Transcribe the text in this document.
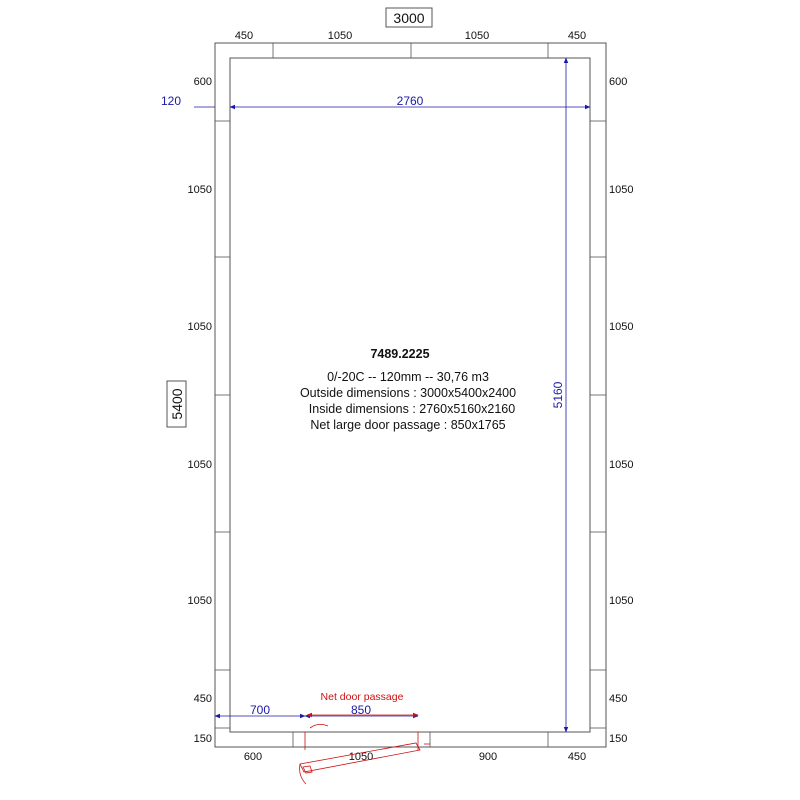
3000
5400
450	1050	1050	450
600	1050	900	450
600
1050
1050
1050
1050
450
150
600
1050
1050
1050
1050
450
150
120	2760
5160
700	850
Net door passage
7489.2225
0/-20C -- 120mm -- 30,76 m3
Outside dimensions : 3000x5400x2400
Inside dimensions : 2760x5160x2160
Net large door passage : 850x1765
